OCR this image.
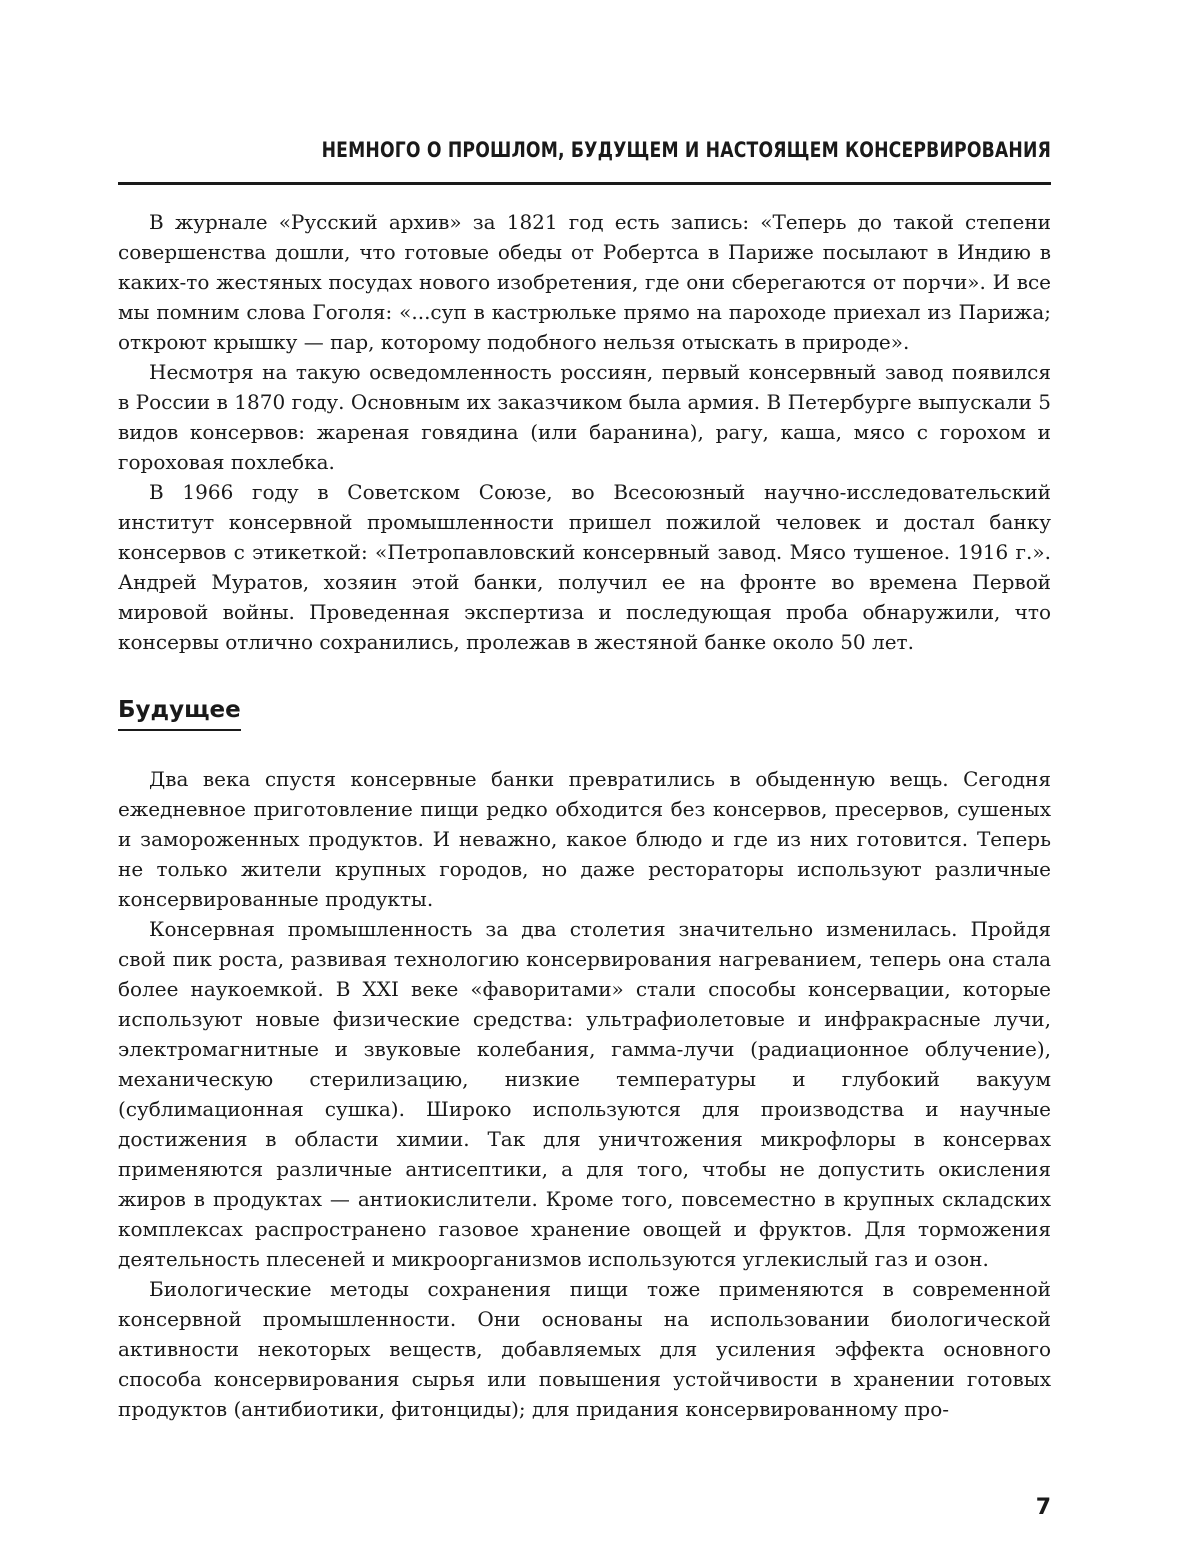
НЕМНОГО О ПРОШЛОМ, БУДУЩЕМ И НАСТОЯЩЕМ КОНСЕРВИРОВАНИЯ

В журнале «Русский архив» за 1821 год есть запись: «Теперь до такой степени совершенства дошли, что готовые обеды от Робертса в Париже посылают в Индию в каких-то жестяных посудах нового изобретения, где они сберегаются от порчи». И все мы помним слова Гоголя: «...суп в кастрюльке прямо на пароходе приехал из Парижа; откроют крышку — пар, которому подобного нельзя отыскать в природе».

Несмотря на такую осведомленность россиян, первый консервный завод появился в России в 1870 году. Основным их заказчиком была армия. В Петербурге выпускали 5 видов консервов: жареная говядина (или баранина), рагу, каша, мясо с горохом и гороховая похлебка.

В 1966 году в Советском Союзе, во Всесоюзный научно-исследовательский институт консервной промышленности пришел пожилой человек и достал банку консервов с этикеткой: «Петропавловский консервный завод. Мясо тушеное. 1916 г.». Андрей Муратов, хозяин этой банки, получил ее на фронте во времена Первой мировой войны. Проведенная экспертиза и последующая проба обнаружили, что консервы отлично сохранились, пролежав в жестяной банке около 50 лет.

Будущее

Два века спустя консервные банки превратились в обыденную вещь. Сегодня ежедневное приготовление пищи редко обходится без консервов, пресервов, сушеных и замороженных продуктов. И неважно, какое блюдо и где из них готовится. Теперь не только жители крупных городов, но даже рестораторы используют различные консервированные продукты.

Консервная промышленность за два столетия значительно изменилась. Пройдя свой пик роста, развивая технологию консервирования нагреванием, теперь она стала более наукоемкой. В XXI веке «фаворитами» стали способы консервации, которые используют новые физические средства: ультрафиолетовые и инфракрасные лучи, электромагнитные и звуковые колебания, гамма-лучи (радиационное облучение), механическую стерилизацию, низкие температуры и глубокий вакуум (сублимационная сушка). Широко используются для производства и научные достижения в области химии. Так для уничтожения микрофлоры в консервах применяются различные антисептики, а для того, чтобы не допустить окисления жиров в продуктах — антиокислители. Кроме того, повсеместно в крупных складских комплексах распространено газовое хранение овощей и фруктов. Для торможения деятельность плесеней и микроорганизмов используются углекислый газ и озон.

Биологические методы сохранения пищи тоже применяются в современной консервной промышленности. Они основаны на использовании биологической активности некоторых веществ, добавляемых для усиления эффекта основного способа консервирования сырья или повышения устойчивости в хранении готовых продуктов (антибиотики, фитонциды); для придания консервированному про-

7
